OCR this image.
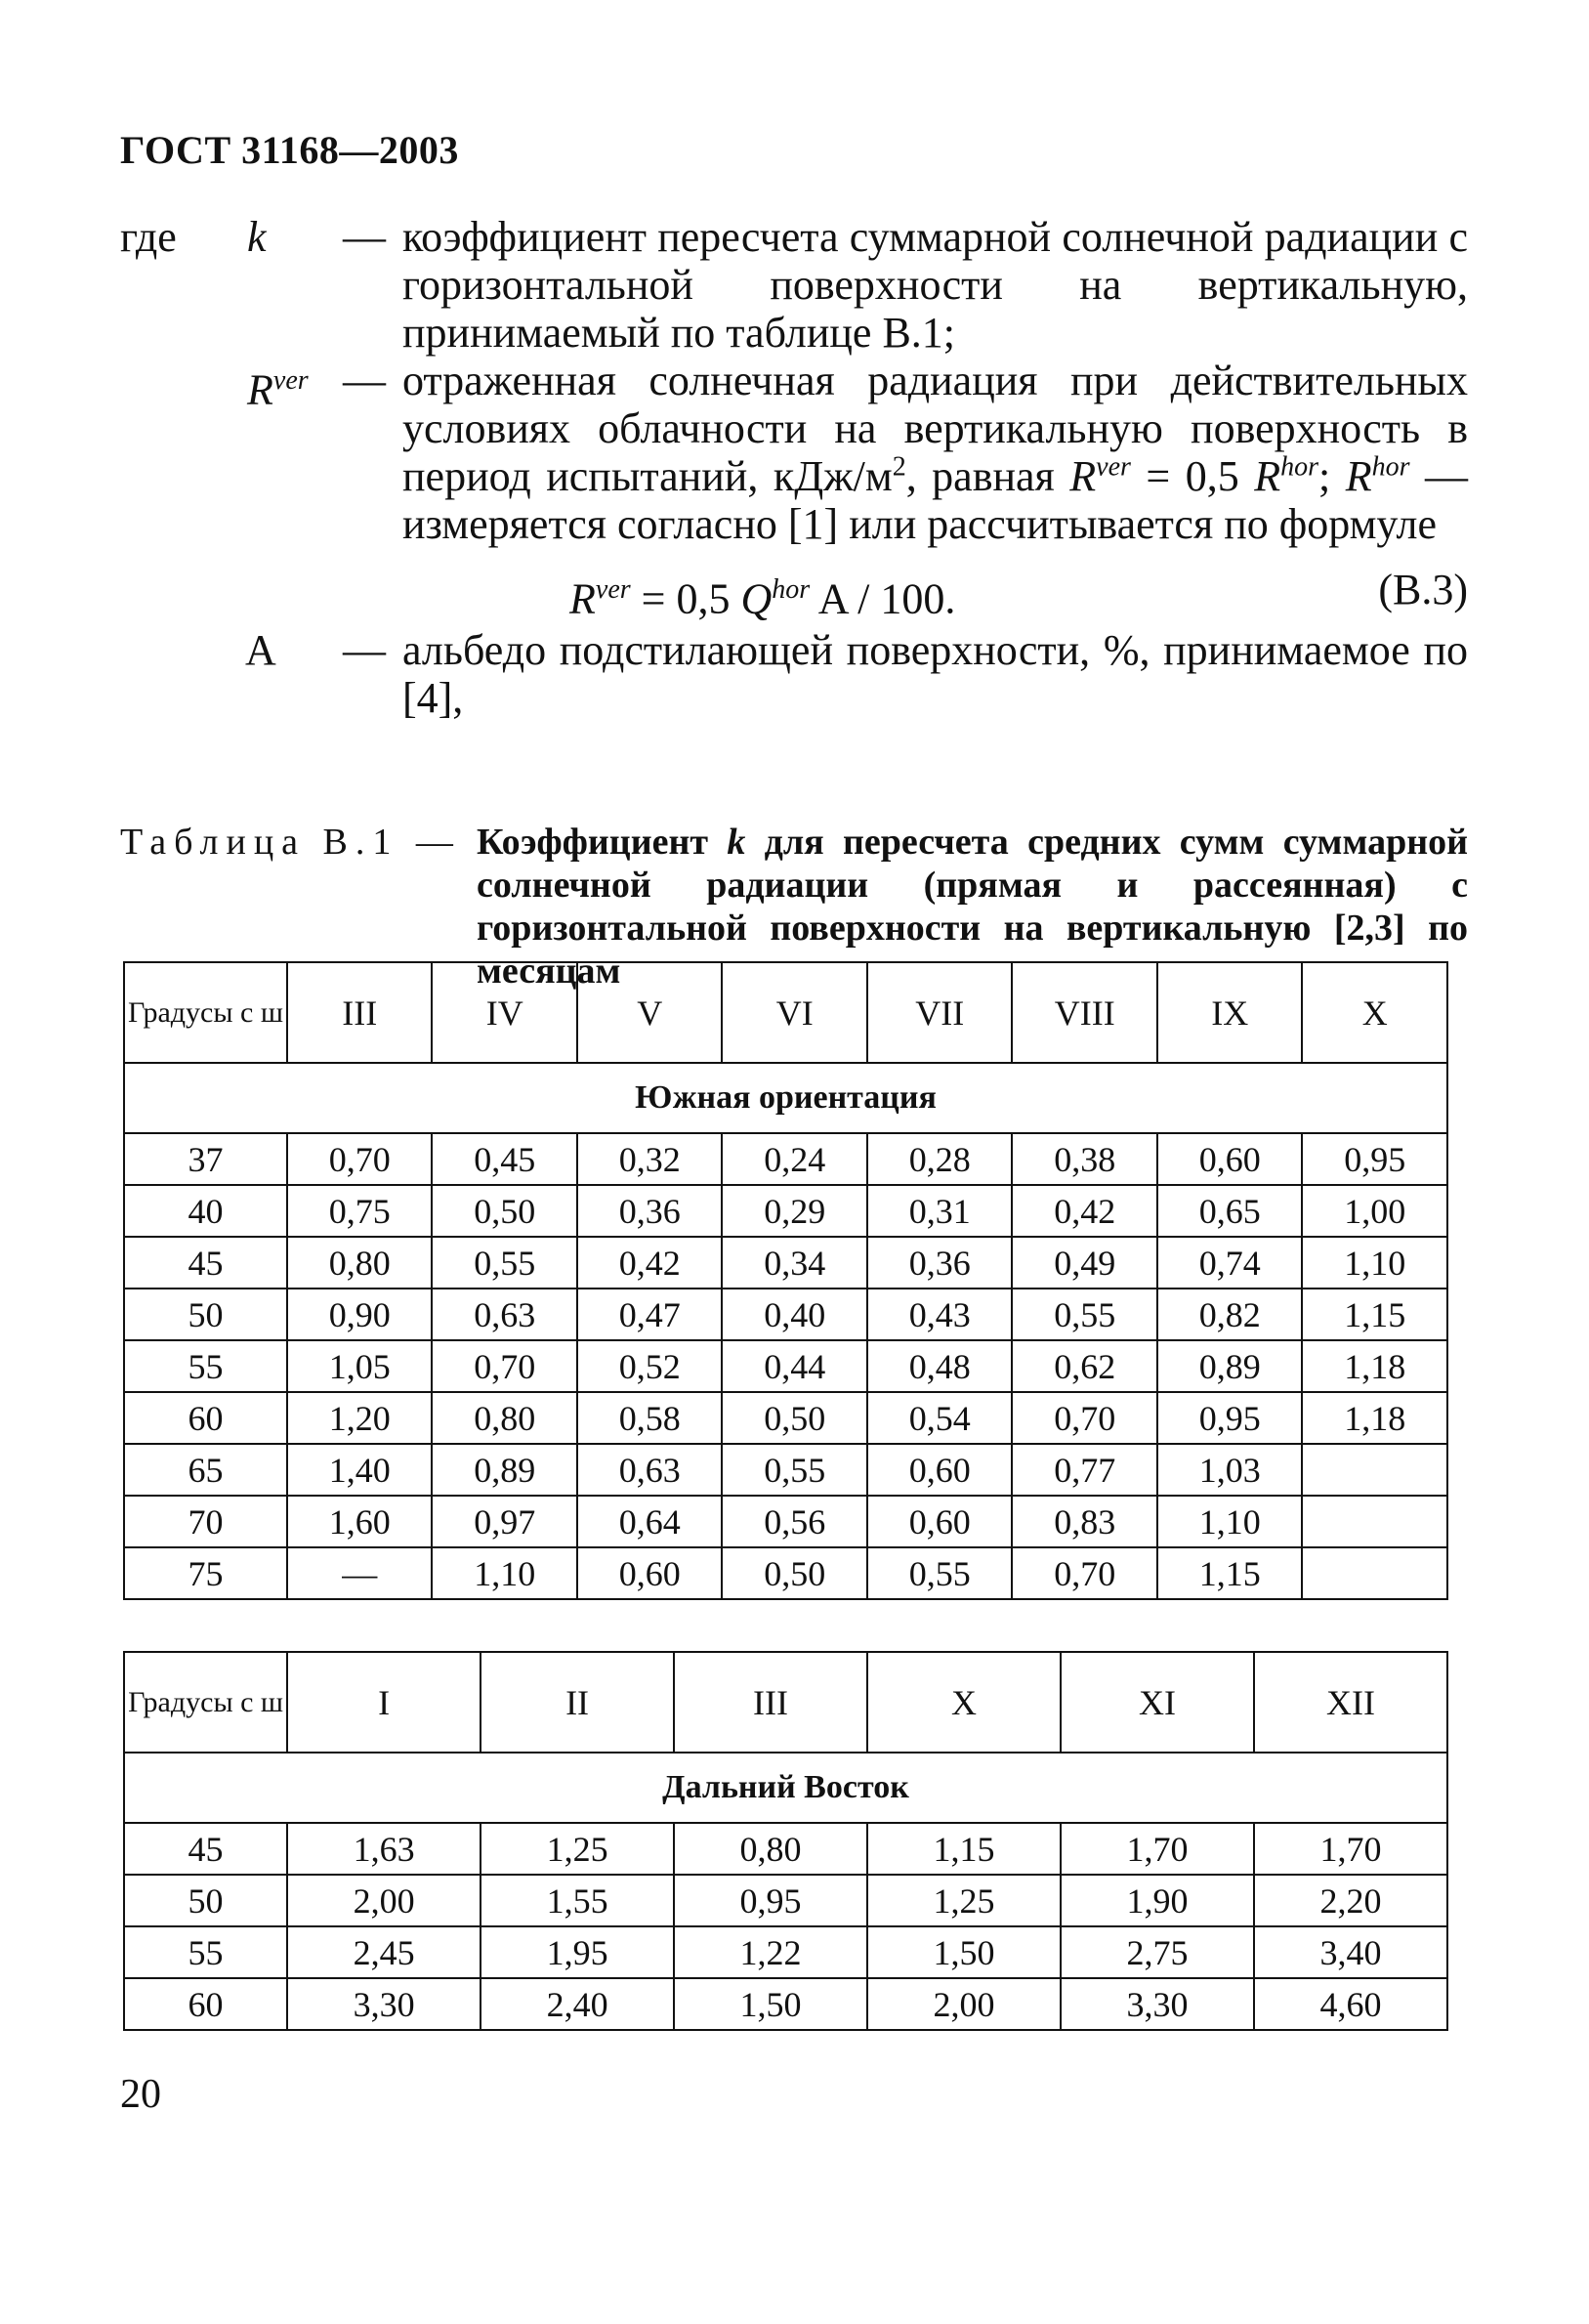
ГОСТ 31168—2003
где k — коэффициент пересчета суммарной солнечной радиации с горизонтальной поверхности на вертикальную, принимаемый по таблице В.1;
$R^{ver}$ — отраженная солнечная радиация при действительных условиях облачности на вертикальную поверхность в период испытаний, кДж/$м^2$, равная $R^{ver} = 0,5$ $R^{hor}$; $R^{hor}$ — измеряется согласно [1] или рассчитывается по формуле
$R^{ver} = 0,5$ $Q^{hor}$ A / 100.	(В.3)
A — альбедо подстилающей поверхности, %, принимаемое по [4],
Таблица В.1 — Коэффициент k для пересчета средних сумм суммарной солнечной радиации (прямая и рассеянная) с горизонтальной поверхности на вертикальную [2,3] по месяцам
Градусы с ш	III	IV	V	VI	VII	VIII	IX	X
Южная ориентация								
37	0,70	0,45	0,32	0,24	0,28	0,38	0,60	0,95
40	0,75	0,50	0,36	0,29	0,31	0,42	0,65	1,00
45	0,80	0,55	0,42	0,34	0,36	0,49	0,74	1,10
50	0,90	0,63	0,47	0,40	0,43	0,55	0,82	1,15
55	1,05	0,70	0,52	0,44	0,48	0,62	0,89	1,18
60	1,20	0,80	0,58	0,50	0,54	0,70	0,95	1,18
65	1,40	0,89	0,63	0,55	0,60	0,77	1,03	
70	1,60	0,97	0,64	0,56	0,60	0,83	1,10	
75	—	1,10	0,60	0,50	0,55	0,70	1,15	
Градусы с ш	I	II	III	X	XI	XII
Дальний Восток						
45	1,63	1,25	0,80	1,15	1,70	1,70
50	2,00	1,55	0,95	1,25	1,90	2,20
55	2,45	1,95	1,22	1,50	2,75	3,40
60	3,30	2,40	1,50	2,00	3,30	4,60
20
